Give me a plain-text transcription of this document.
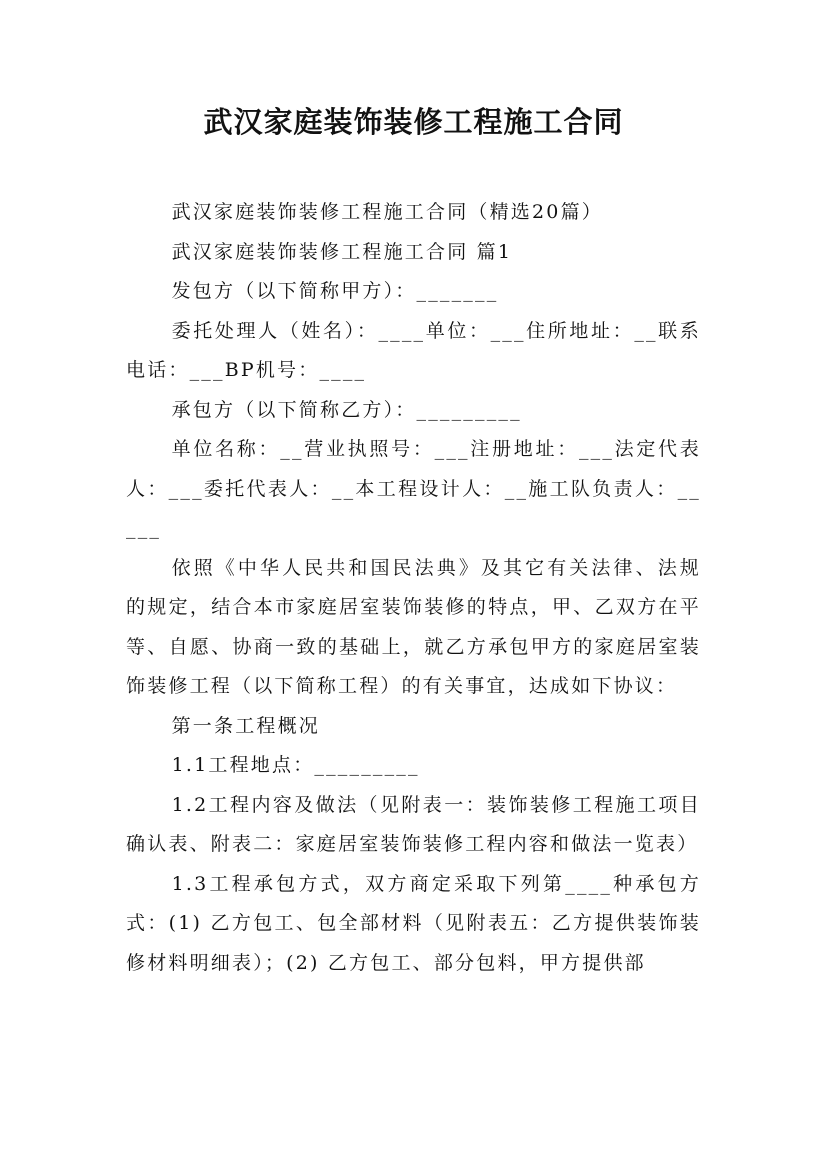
武汉家庭装饰装修工程施工合同

武汉家庭装饰装修工程施工合同（精选20篇）

武汉家庭装饰装修工程施工合同 篇1

发包方（以下简称甲方）：_______

委托处理人（姓名）：____单位：___住所地址：__联系电话：___BP机号：____

承包方（以下简称乙方）：_________

单位名称：__营业执照号：___注册地址：___法定代表人：___委托代表人：__本工程设计人：__施工队负责人：_____

依照《中华人民共和国民法典》及其它有关法律、法规的规定，结合本市家庭居室装饰装修的特点，甲、乙双方在平等、自愿、协商一致的基础上，就乙方承包甲方的家庭居室装饰装修工程（以下简称工程）的有关事宜，达成如下协议：

第一条工程概况

1.1工程地点：_________

1.2工程内容及做法（见附表一：装饰装修工程施工项目确认表、附表二：家庭居室装饰装修工程内容和做法一览表）

1.3工程承包方式，双方商定采取下列第____种承包方式：(1) 乙方包工、包全部材料（见附表五：乙方提供装饰装修材料明细表）；(2) 乙方包工、部分包料，甲方提供部
